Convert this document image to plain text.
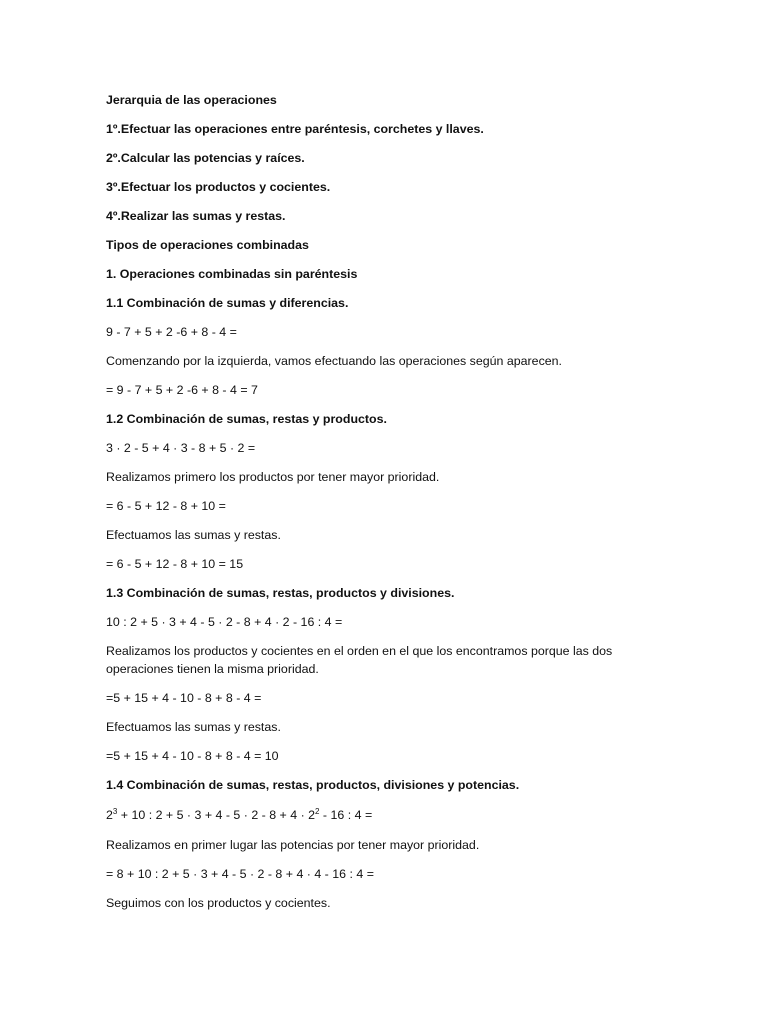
Jerarquia de las operaciones
1º.Efectuar las operaciones entre paréntesis, corchetes y llaves.
2º.Calcular las potencias y raíces.
3º.Efectuar los productos y cocientes.
4º.Realizar las sumas y restas.
Tipos de operaciones combinadas
1. Operaciones combinadas sin paréntesis
1.1 Combinación de sumas y diferencias.
9 - 7 + 5 + 2 -6 + 8 - 4 =
Comenzando por la izquierda, vamos efectuando las operaciones según aparecen.
= 9 - 7 + 5 + 2 -6 + 8 - 4 = 7
1.2 Combinación de sumas, restas y productos.
3 · 2 - 5 + 4 · 3 - 8 + 5 · 2 =
Realizamos primero los productos por tener mayor prioridad.
= 6 - 5 + 12 - 8 + 10 =
Efectuamos las sumas y restas.
= 6 - 5 + 12 - 8 + 10 = 15
1.3 Combinación de sumas, restas, productos y divisiones.
10 : 2 + 5 · 3 + 4 - 5 · 2 - 8 + 4 · 2 - 16 : 4 =
Realizamos los productos y cocientes en el orden en el que los encontramos porque las dos operaciones tienen la misma prioridad.
=5 + 15 + 4 - 10 - 8 + 8 - 4 =
Efectuamos las sumas y restas.
=5 + 15 + 4 - 10 - 8 + 8 - 4 = 10
1.4 Combinación de sumas, restas, productos, divisiones y potencias.
$2^3 + 10$ : $2 + 5 \cdot 3 + 4 - 5 \cdot 2 - 8 + 4 \cdot 2^2 - 16$ : 4 =
Realizamos en primer lugar las potencias por tener mayor prioridad.
= 8 + 10 : 2 + 5 · 3 + 4 - 5 · 2 - 8 + 4 · 4 - 16 : 4 =
Seguimos con los productos y cocientes.
